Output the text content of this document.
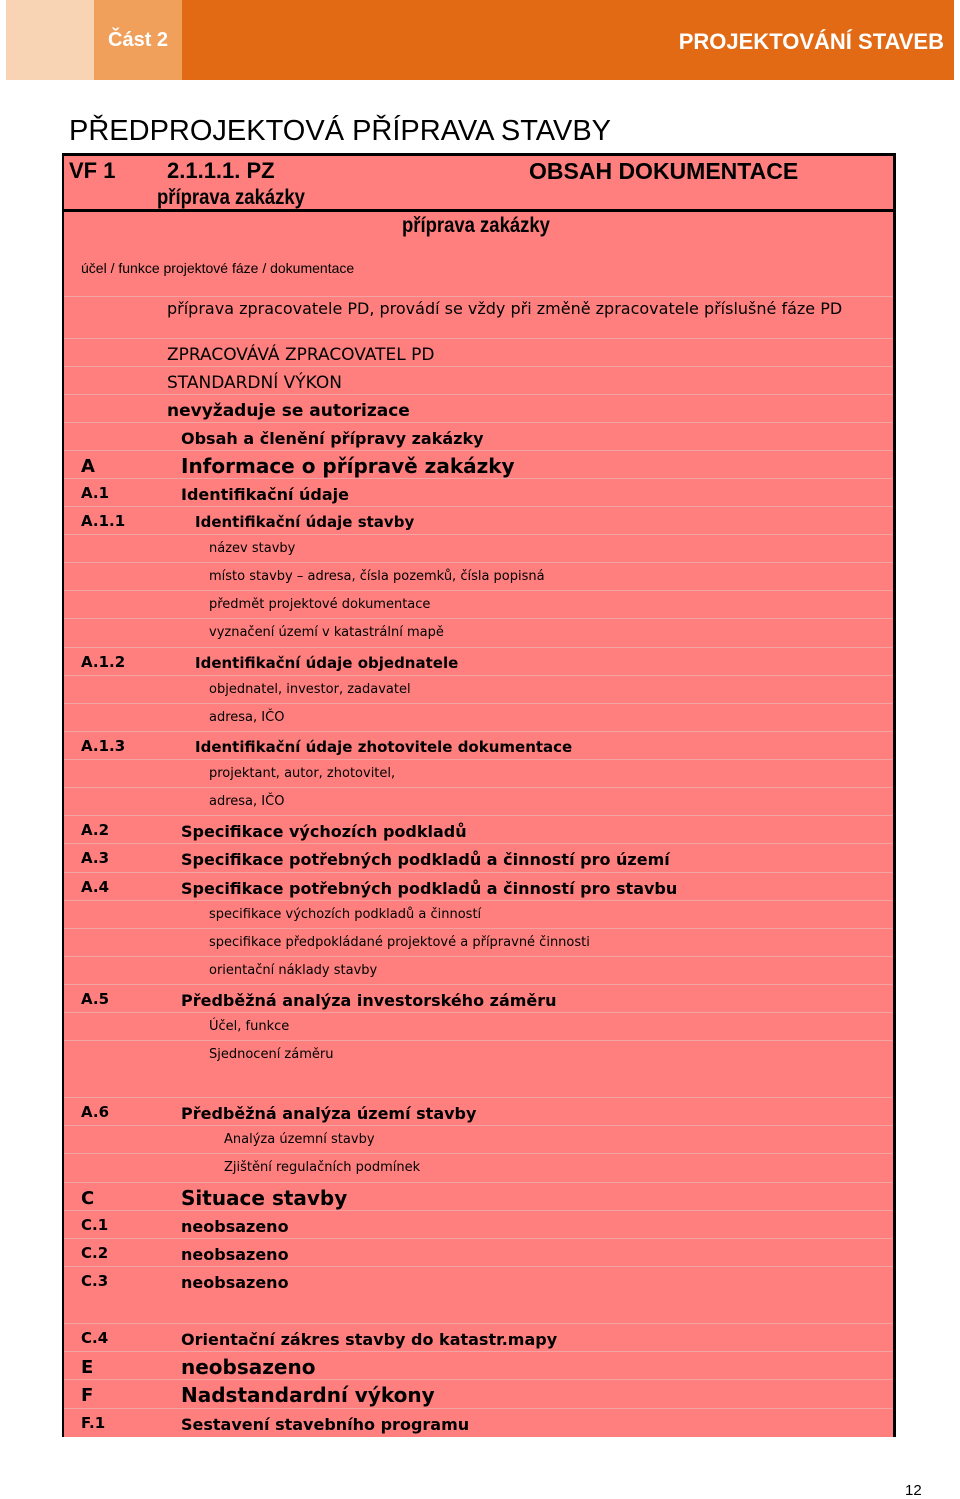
Část 2	PROJEKTOVÁNÍ STAVEB
PŘEDPROJEKTOVÁ PŘÍPRAVA STAVBY
VF 1 2.1.1.1. PZ
příprava zakázky
OBSAH DOKUMENTACE
příprava zakázky
účel / funkce projektové fáze / dokumentace
příprava zpracovatele PD, provádí se vždy při změně zpracovatele příslušné fáze PD
ZPRACOVÁVÁ ZPRACOVATEL PD
STANDARDNÍ VÝKON
nevyžaduje se autorizace
Obsah a členění přípravy zakázky
A	Informace o přípravě zakázky
A.1	Identifikační údaje
A.1.1	Identifikační údaje stavby
název stavby
místo stavby – adresa, čísla pozemků, čísla popisná
předmět projektové dokumentace
vyznačení území v katastrální mapě
A.1.2	Identifikační údaje objednatele
objednatel, investor, zadavatel
adresa, IČO
A.1.3	Identifikační údaje zhotovitele dokumentace
projektant, autor, zhotovitel,
adresa, IČO
A.2	Specifikace výchozích podkladů
A.3	Specifikace potřebných podkladů a činností pro území
A.4	Specifikace potřebných podkladů a činností pro stavbu
specifikace výchozích podkladů a činností
specifikace předpokládané projektové a přípravné činnosti
orientační náklady stavby
A.5	Předběžná analýza investorského záměru
Účel, funkce
Sjednocení záměru
A.6	Předběžná analýza území stavby
Analýza územní stavby
Zjištění regulačních podmínek
C	Situace stavby
C.1	neobsazeno
C.2	neobsazeno
C.3	neobsazeno
C.4	Orientační zákres stavby do katastr.mapy
E	neobsazeno
F	Nadstandardní výkony
F.1	Sestavení stavebního programu
12
